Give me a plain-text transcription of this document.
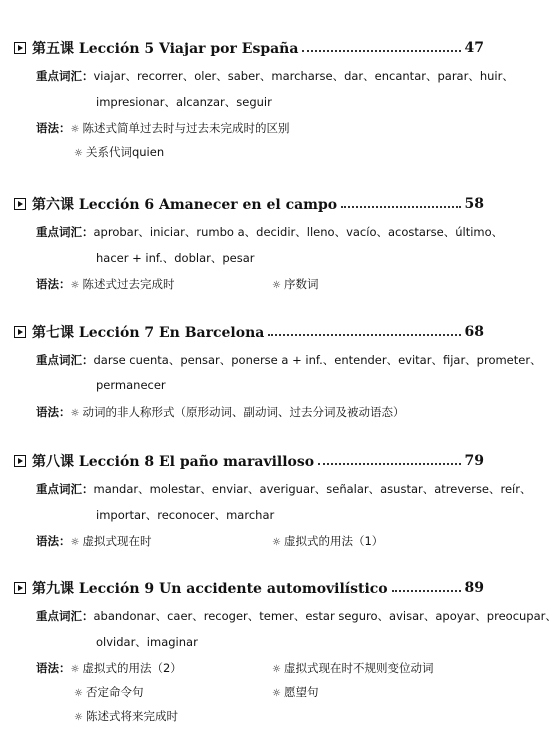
第五课 Lección 5 Viajar por España	47
重点词汇：viajar、recorrer、oler、saber、marcharse、dar、encantar、parar、huir、
impresionar、alcanzar、seguir
语法：☼ 陈述式简单过去时与过去未完成时的区别
☼ 关系代词quien
第六课 Lección 6 Amanecer en el campo	58
重点词汇：aprobar、iniciar、rumbo a、decidir、lleno、vacío、acostarse、último、
hacer + inf.、doblar、pesar
语法：☼ 陈述式过去完成时	☼ 序数词
第七课 Lección 7 En Barcelona	68
重点词汇：darse cuenta、pensar、ponerse a + inf.、entender、evitar、fijar、prometer、
permanecer
语法：☼ 动词的非人称形式（原形动词、副动词、过去分词及被动语态）
第八课 Lección 8 El paño maravilloso	79
重点词汇：mandar、molestar、enviar、averiguar、señalar、asustar、atreverse、reír、
importar、reconocer、marchar
语法：☼ 虚拟式现在时	☼ 虚拟式的用法（1）
第九课 Lección 9 Un accidente automovilístico	89
重点词汇：abandonar、caer、recoger、temer、estar seguro、avisar、apoyar、preocupar、
olvidar、imaginar
语法：☼ 虚拟式的用法（2）	☼ 虚拟式现在时不规则变位动词
☼ 否定命令句	☼ 愿望句
☼ 陈述式将来完成时
